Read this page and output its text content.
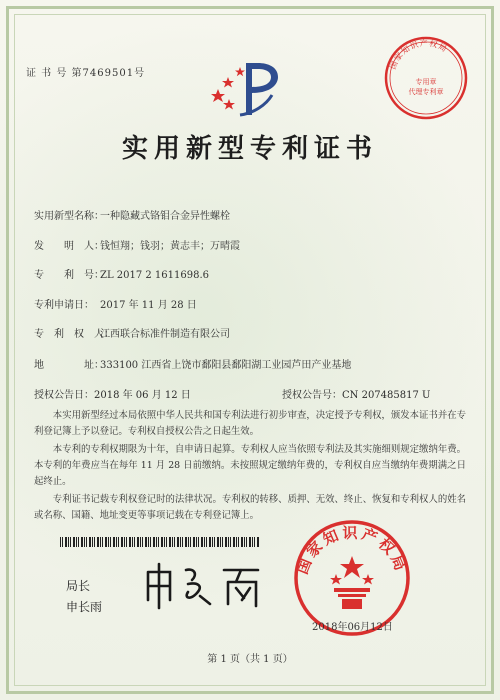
证 书 号 第7469501号
国家知识产权局
专用章
代理专利章
实用新型专利证书
实用新型名称：一种隐藏式铬钼合金异性螺栓
发　　明　人：钱恒翔；钱羽；黄志丰；万晴霞
专　　利　号：ZL 2017 2 1611698.6
专利申请日： 2017 年 11 月 28 日
专　利　权　人：江西联合标准件制造有限公司
地　　　　址：333100 江西省上饶市鄱阳县鄱阳湖工业园芦田产业基地
授权公告日：2018 年 06 月 12 日	授权公告号：CN 207485817 U
本实用新型经过本局依照中华人民共和国专利法进行初步审查，决定授予专利权，颁发本证书并在专利登记簿上予以登记。专利权自授权公告之日起生效。
本专利的专利权期限为十年，自申请日起算。专利权人应当依照专利法及其实施细则规定缴纳年费。本专利的年费应当在每年 11 月 28 日前缴纳。未按照规定缴纳年费的，专利权自应当缴纳年费期满之日起终止。
专利证书记载专利权登记时的法律状况。专利权的转移、质押、无效、终止、恢复和专利权人的姓名或名称、国籍、地址变更等事项记载在专利登记簿上。
局长
申长雨
国家知识产权局
2018年06月12日
第 1 页（共 1 页）
